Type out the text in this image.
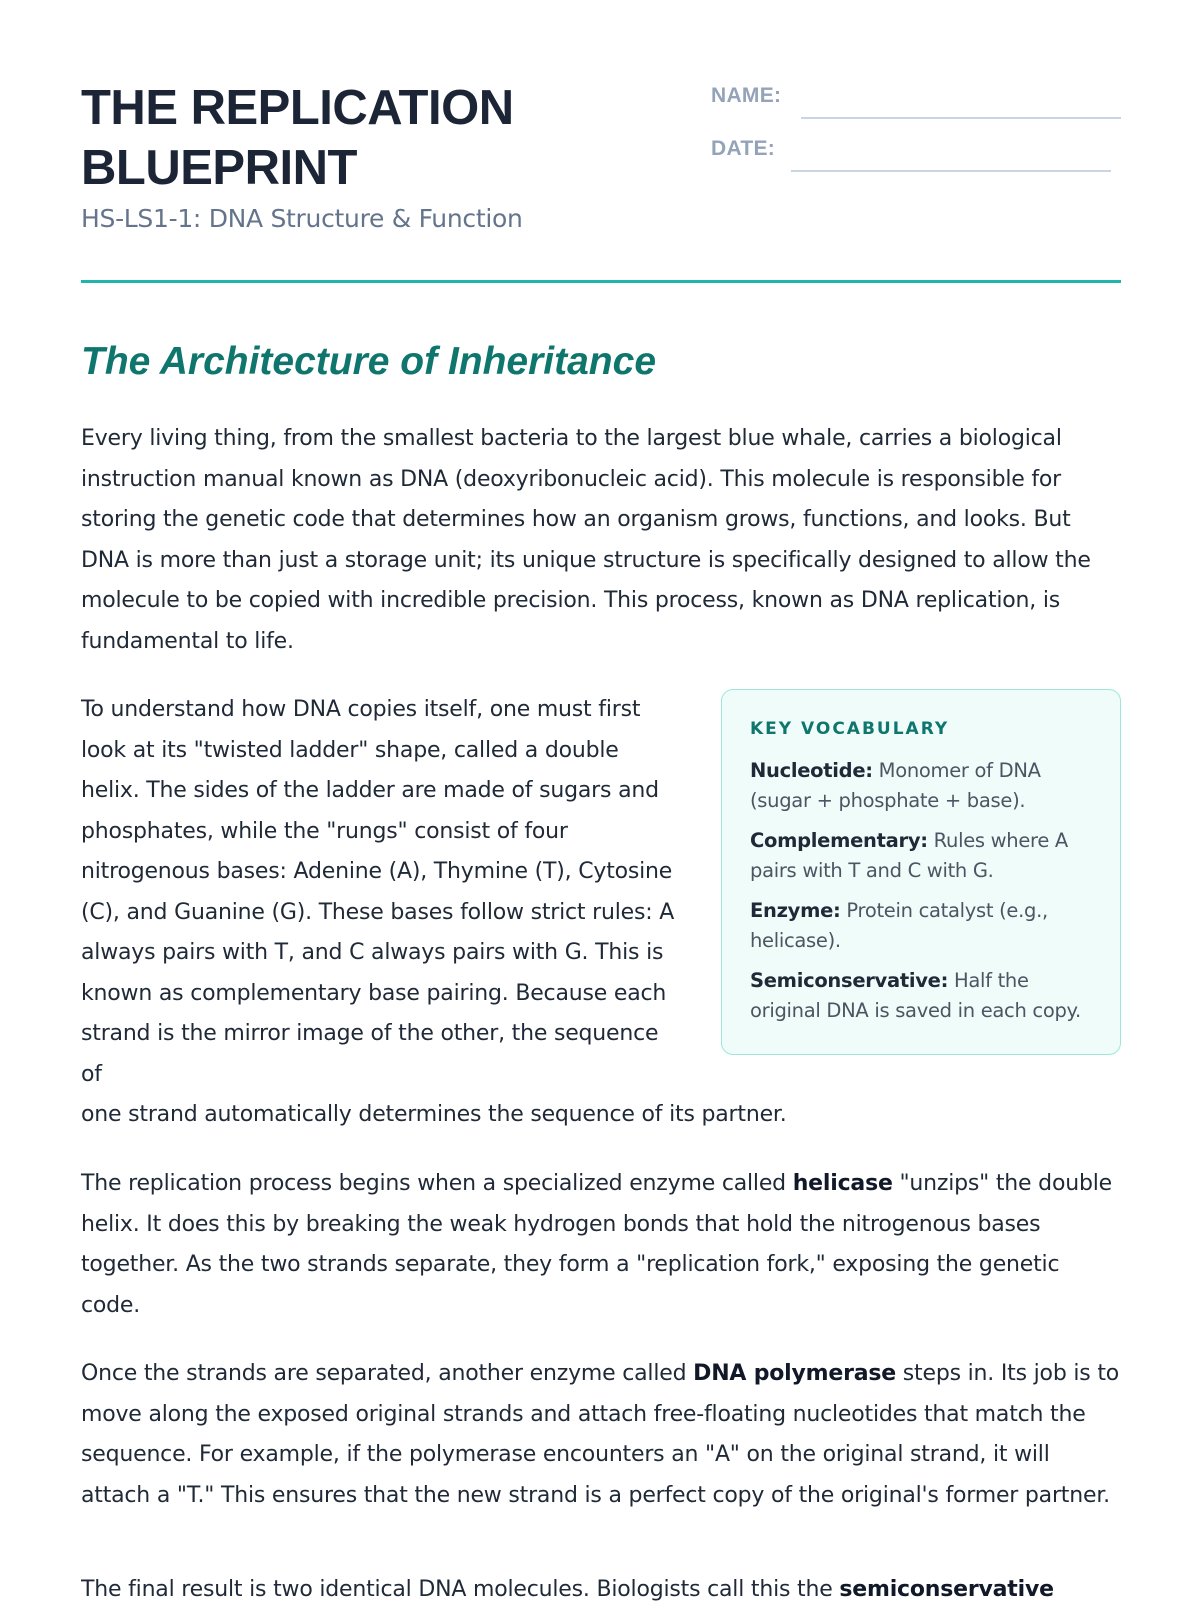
THE REPLICATION
BLUEPRINT
HS-LS1-1: DNA Structure & Function
NAME:
DATE:
The Architecture of Inheritance

Every living thing, from the smallest bacteria to the largest blue whale, carries a biological instruction manual known as DNA (deoxyribonucleic acid). This molecule is responsible for storing the genetic code that determines how an organism grows, functions, and looks. But DNA is more than just a storage unit; its unique structure is specifically designed to allow the molecule to be copied with incredible precision. This process, known as DNA replication, is fundamental to life.

To understand how DNA copies itself, one must first look at its "twisted ladder" shape, called a double helix. The sides of the ladder are made of sugars and phosphates, while the "rungs" consist of four nitrogenous bases: Adenine (A), Thymine (T), Cytosine (C), and Guanine (G). These bases follow strict rules: A always pairs with T, and C always pairs with G. This is known as complementary base pairing. Because each strand is the mirror image of the other, the sequence of

one strand automatically determines the sequence of its partner.

KEY VOCABULARY
Nucleotide: Monomer of DNA (sugar + phosphate + base).
Complementary: Rules where A pairs with T and C with G.
Enzyme: Protein catalyst (e.g., helicase).
Semiconservative: Half the original DNA is saved in each copy.

The replication process begins when a specialized enzyme called helicase "unzips" the double helix. It does this by breaking the weak hydrogen bonds that hold the nitrogenous bases together. As the two strands separate, they form a "replication fork," exposing the genetic code.

Once the strands are separated, another enzyme called DNA polymerase steps in. Its job is to move along the exposed original strands and attach free-floating nucleotides that match the sequence. For example, if the polymerase encounters an "A" on the original strand, it will attach a "T." This ensures that the new strand is a perfect copy of the original's former partner.

The final result is two identical DNA molecules. Biologists call this the semiconservative
